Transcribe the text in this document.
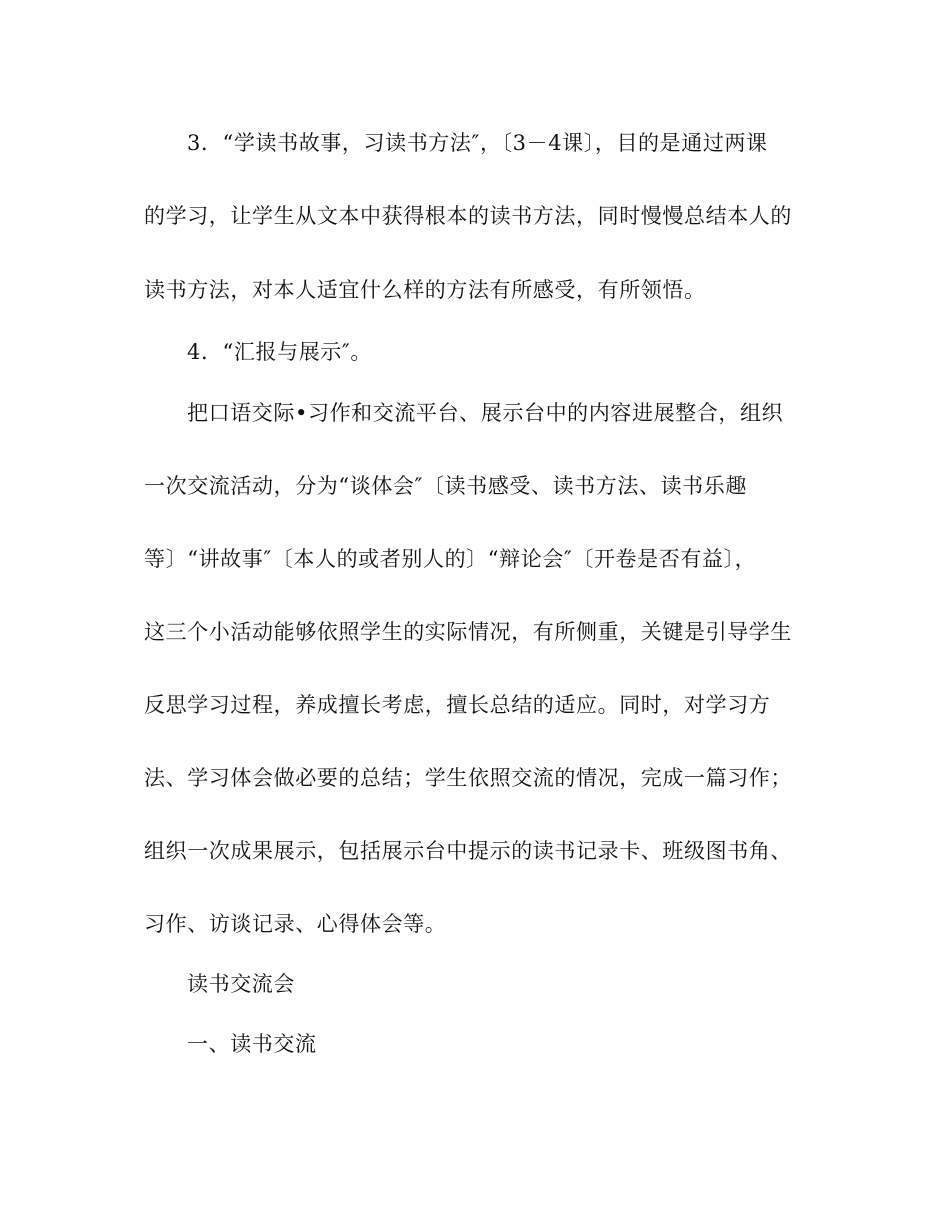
3．“学读书故事，习读书方法″，〔3－4课〕，目的是通过两课
的学习，让学生从文本中获得根本的读书方法，同时慢慢总结本人的
读书方法，对本人适宜什么样的方法有所感受，有所领悟。
4．“汇报与展示″。
把口语交际•习作和交流平台、展示台中的内容进展整合，组织
一次交流活动，分为“谈体会″〔读书感受、读书方法、读书乐趣
等〕“讲故事″〔本人的或者别人的〕“辩论会″〔开卷是否有益〕，
这三个小活动能够依照学生的实际情况，有所侧重，关键是引导学生
反思学习过程，养成擅长考虑，擅长总结的适应。同时，对学习方
法、学习体会做必要的总结；学生依照交流的情况，完成一篇习作；
组织一次成果展示，包括展示台中提示的读书记录卡、班级图书角、
习作、访谈记录、心得体会等。
读书交流会
一、读书交流
